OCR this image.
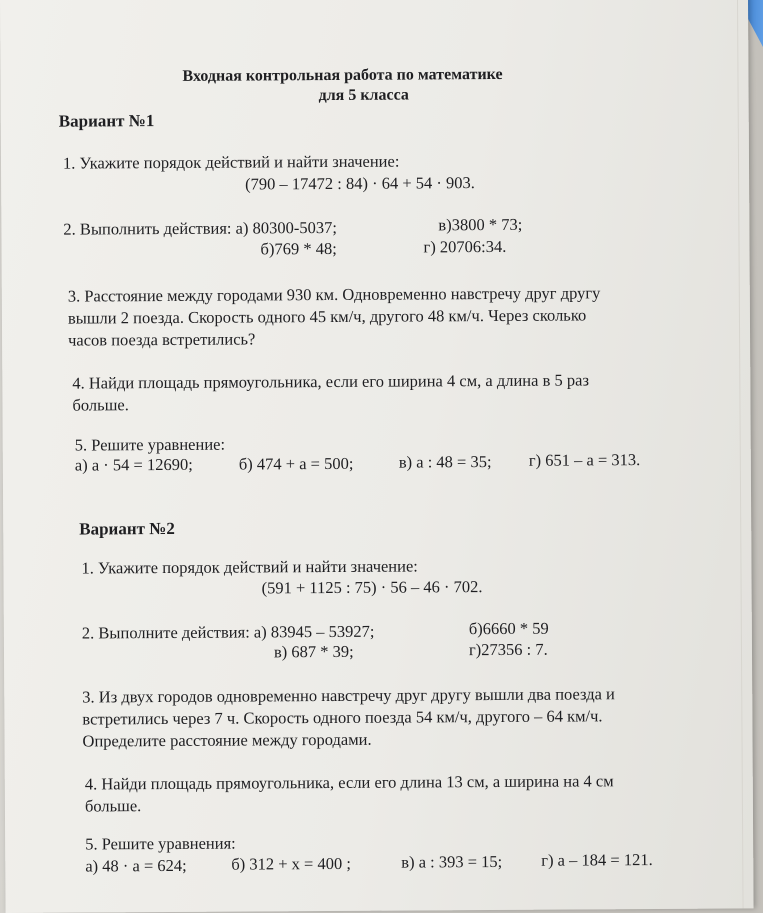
Входная контрольная работа по математике
для 5 класса
Вариант №1
1. Укажите порядок действий и найти значение:
(790 – 17472 : 84) · 64 + 54 · 903.
2. Выполнить действия: а) 80300-5037;	в)3800 * 73;
б)769 * 48;	г) 20706:34.
3. Расстояние между городами 930 км. Одновременно навстречу друг другу
вышли 2 поезда. Скорость одного 45 км/ч, другого 48 км/ч. Через сколько
часов поезда встретились?
4. Найди площадь прямоугольника, если его ширина 4 см, а длина в 5 раз
больше.
5. Решите уравнение:
а) а · 54 = 12690;	б) 474 + а = 500;	в) а : 48 = 35; г) 651 – а = 313.
Вариант №2
1. Укажите порядок действий и найти значение:
(591 + 1125 : 75) · 56 – 46 · 702.
2. Выполните действия: а) 83945 – 53927;	б)6660 * 59
в) 687 * 39;	г)27356 : 7.
3. Из двух городов одновременно навстречу друг другу вышли два поезда и
встретились через 7 ч. Скорость одного поезда 54 км/ч, другого – 64 км/ч.
Определите расстояние между городами.
4. Найди площадь прямоугольника, если его длина 13 см, а ширина на 4 см
больше.
5. Решите уравнения:
а) 48 · а = 624;	б) 312 + x = 400 ;	в) а : 393 = 15; г) а – 184 = 121.
